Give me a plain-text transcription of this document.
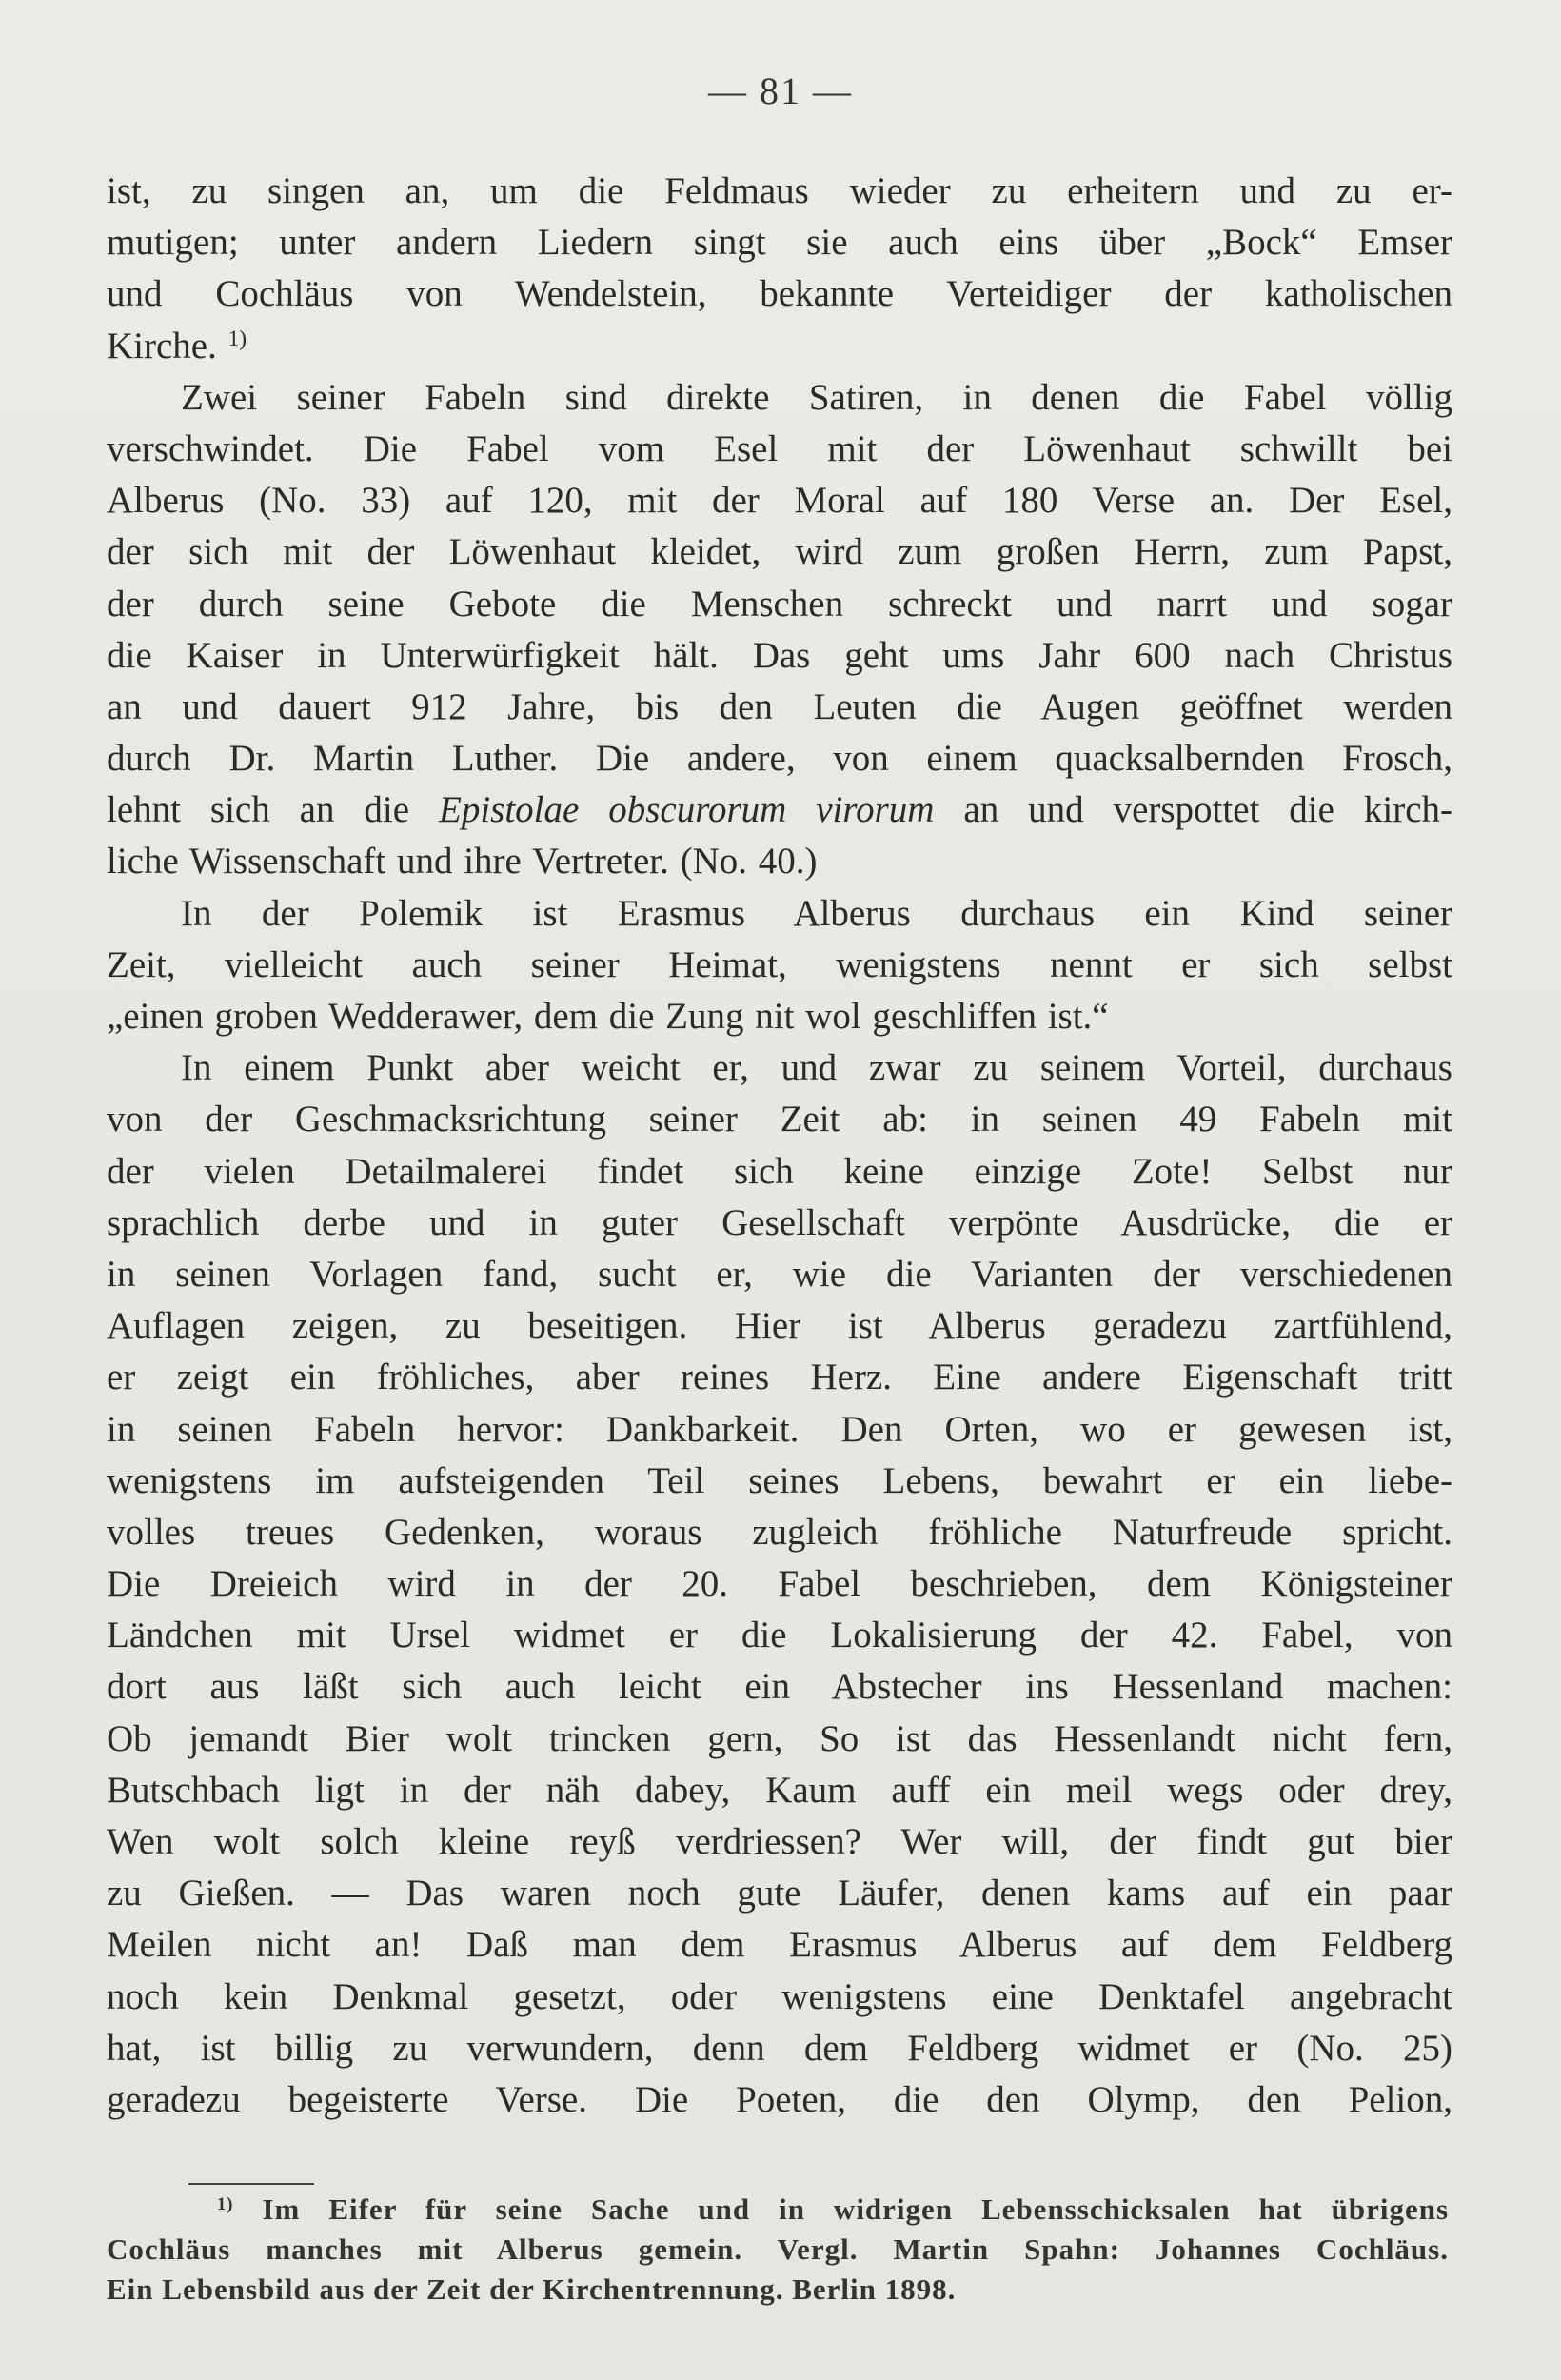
— 81 —
ist, zu singen an, um die Feldmaus wieder zu erheitern und zu er-
mutigen; unter andern Liedern singt sie auch eins über „Bock“ Emser
und Cochläus von Wendelstein, bekannte Verteidiger der katholischen
Kirche. $^{1)}$
Zwei seiner Fabeln sind direkte Satiren, in denen die Fabel völlig
verschwindet. Die Fabel vom Esel mit der Löwenhaut schwillt bei
Alberus (No. 33) auf 120, mit der Moral auf 180 Verse an. Der Esel,
der sich mit der Löwenhaut kleidet, wird zum großen Herrn, zum Papst,
der durch seine Gebote die Menschen schreckt und narrt und sogar
die Kaiser in Unterwürfigkeit hält. Das geht ums Jahr 600 nach Christus
an und dauert 912 Jahre, bis den Leuten die Augen geöffnet werden
durch Dr. Martin Luther. Die andere, von einem quacksalbernden Frosch,
lehnt sich an die Epistolae obscurorum virorum an und verspottet die kirch-
liche Wissenschaft und ihre Vertreter. (No. 40.)
In der Polemik ist Erasmus Alberus durchaus ein Kind seiner
Zeit, vielleicht auch seiner Heimat, wenigstens nennt er sich selbst
„einen groben Wedderawer, dem die Zung nit wol geschliffen ist.“
In einem Punkt aber weicht er, und zwar zu seinem Vorteil, durchaus
von der Geschmacksrichtung seiner Zeit ab: in seinen 49 Fabeln mit
der vielen Detailmalerei findet sich keine einzige Zote! Selbst nur
sprachlich derbe und in guter Gesellschaft verpönte Ausdrücke, die er
in seinen Vorlagen fand, sucht er, wie die Varianten der verschiedenen
Auflagen zeigen, zu beseitigen. Hier ist Alberus geradezu zartfühlend,
er zeigt ein fröhliches, aber reines Herz. Eine andere Eigenschaft tritt
in seinen Fabeln hervor: Dankbarkeit. Den Orten, wo er gewesen ist,
wenigstens im aufsteigenden Teil seines Lebens, bewahrt er ein liebe-
volles treues Gedenken, woraus zugleich fröhliche Naturfreude spricht.
Die Dreieich wird in der 20. Fabel beschrieben, dem Königsteiner
Ländchen mit Ursel widmet er die Lokalisierung der 42. Fabel, von
dort aus läßt sich auch leicht ein Abstecher ins Hessenland machen:
Ob jemandt Bier wolt trincken gern, So ist das Hessenlandt nicht fern,
Butschbach ligt in der näh dabey, Kaum auff ein meil wegs oder drey,
Wen wolt solch kleine reyß verdriessen? Wer will, der findt gut bier
zu Gießen. — Das waren noch gute Läufer, denen kams auf ein paar
Meilen nicht an! Daß man dem Erasmus Alberus auf dem Feldberg
noch kein Denkmal gesetzt, oder wenigstens eine Denktafel angebracht
hat, ist billig zu verwundern, denn dem Feldberg widmet er (No. 25)
geradezu begeisterte Verse. Die Poeten, die den Olymp, den Pelion,
$^{1)}$ Im Eifer für seine Sache und in widrigen Lebensschicksalen hat übrigens
Cochläus manches mit Alberus gemein. Vergl. Martin Spahn: Johannes Cochläus.
Ein Lebensbild aus der Zeit der Kirchentrennung. Berlin 1898.
